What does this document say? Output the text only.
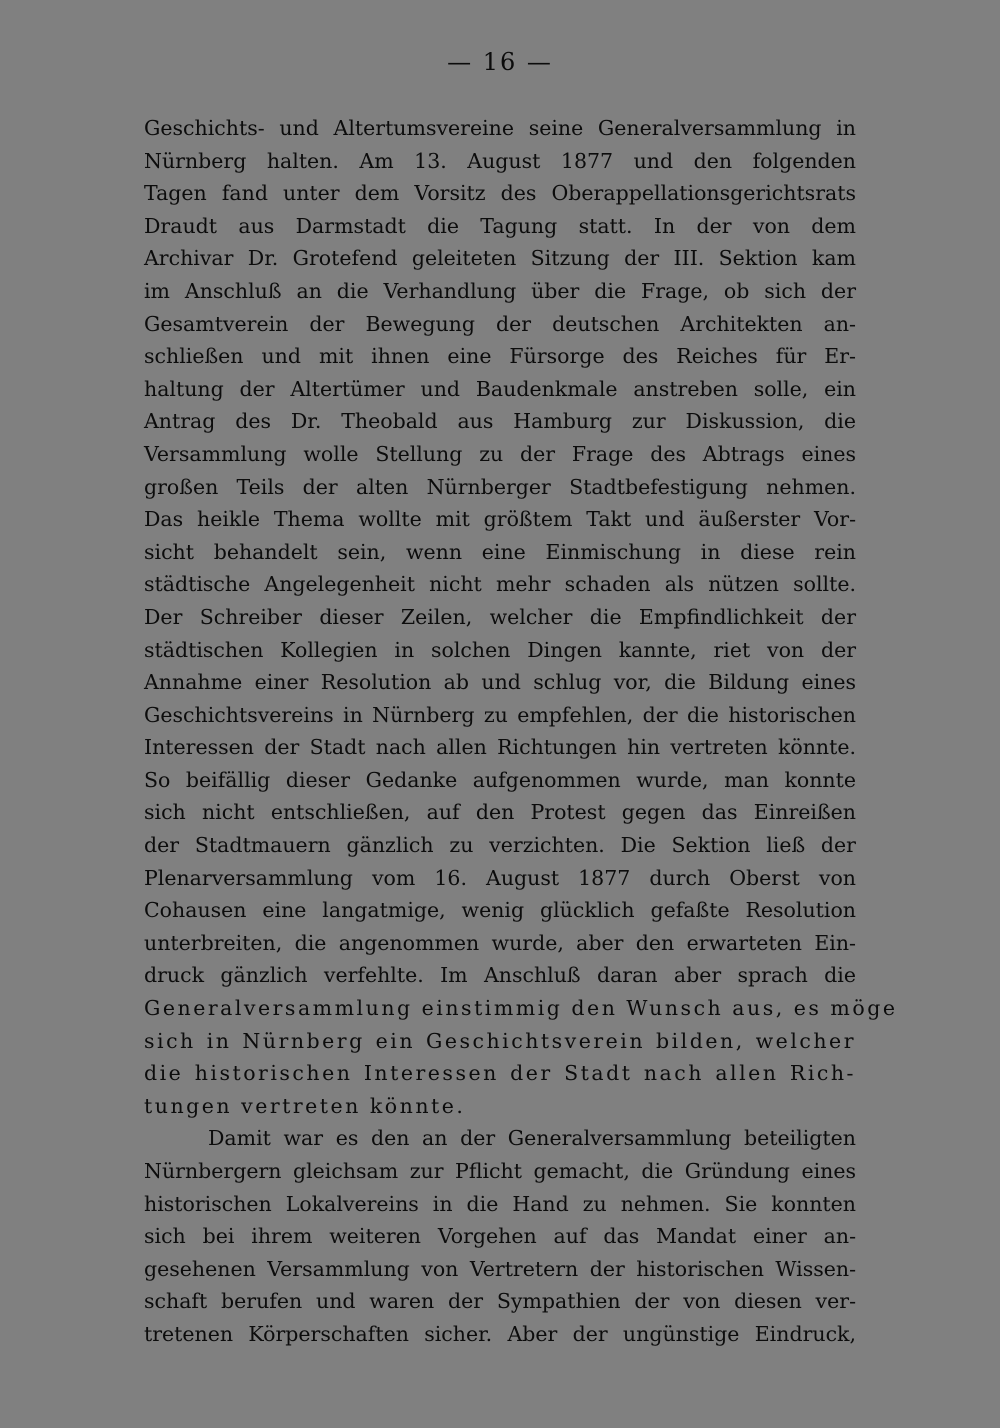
— 16 —
Geschichts- und Altertumsvereine seine Generalversammlung in
Nürnberg halten. Am 13. August 1877 und den folgenden
Tagen fand unter dem Vorsitz des Oberappellationsgerichtsrats
Draudt aus Darmstadt die Tagung statt. In der von dem
Archivar Dr. Grotefend geleiteten Sitzung der III. Sektion kam
im Anschluß an die Verhandlung über die Frage, ob sich der
Gesamtverein der Bewegung der deutschen Architekten an-
schließen und mit ihnen eine Fürsorge des Reiches für Er-
haltung der Altertümer und Baudenkmale anstreben solle, ein
Antrag des Dr. Theobald aus Hamburg zur Diskussion, die
Versammlung wolle Stellung zu der Frage des Abtrags eines
großen Teils der alten Nürnberger Stadtbefestigung nehmen.
Das heikle Thema wollte mit größtem Takt und äußerster Vor-
sicht behandelt sein, wenn eine Einmischung in diese rein
städtische Angelegenheit nicht mehr schaden als nützen sollte.
Der Schreiber dieser Zeilen, welcher die Empfindlichkeit der
städtischen Kollegien in solchen Dingen kannte, riet von der
Annahme einer Resolution ab und schlug vor, die Bildung eines
Geschichtsvereins in Nürnberg zu empfehlen, der die historischen
Interessen der Stadt nach allen Richtungen hin vertreten könnte.
So beifällig dieser Gedanke aufgenommen wurde, man konnte
sich nicht entschließen, auf den Protest gegen das Einreißen
der Stadtmauern gänzlich zu verzichten. Die Sektion ließ der
Plenarversammlung vom 16. August 1877 durch Oberst von
Cohausen eine langatmige, wenig glücklich gefaßte Resolution
unterbreiten, die angenommen wurde, aber den erwarteten Ein-
druck gänzlich verfehlte. Im Anschluß daran aber sprach die
Generalversammlung einstimmig den Wunsch aus, es möge
sich in Nürnberg ein Geschichtsverein bilden, welcher
die historischen Interessen der Stadt nach allen Rich-
tungen vertreten könnte.
Damit war es den an der Generalversammlung beteiligten
Nürnbergern gleichsam zur Pflicht gemacht, die Gründung eines
historischen Lokalvereins in die Hand zu nehmen. Sie konnten
sich bei ihrem weiteren Vorgehen auf das Mandat einer an-
gesehenen Versammlung von Vertretern der historischen Wissen-
schaft berufen und waren der Sympathien der von diesen ver-
tretenen Körperschaften sicher. Aber der ungünstige Eindruck,
